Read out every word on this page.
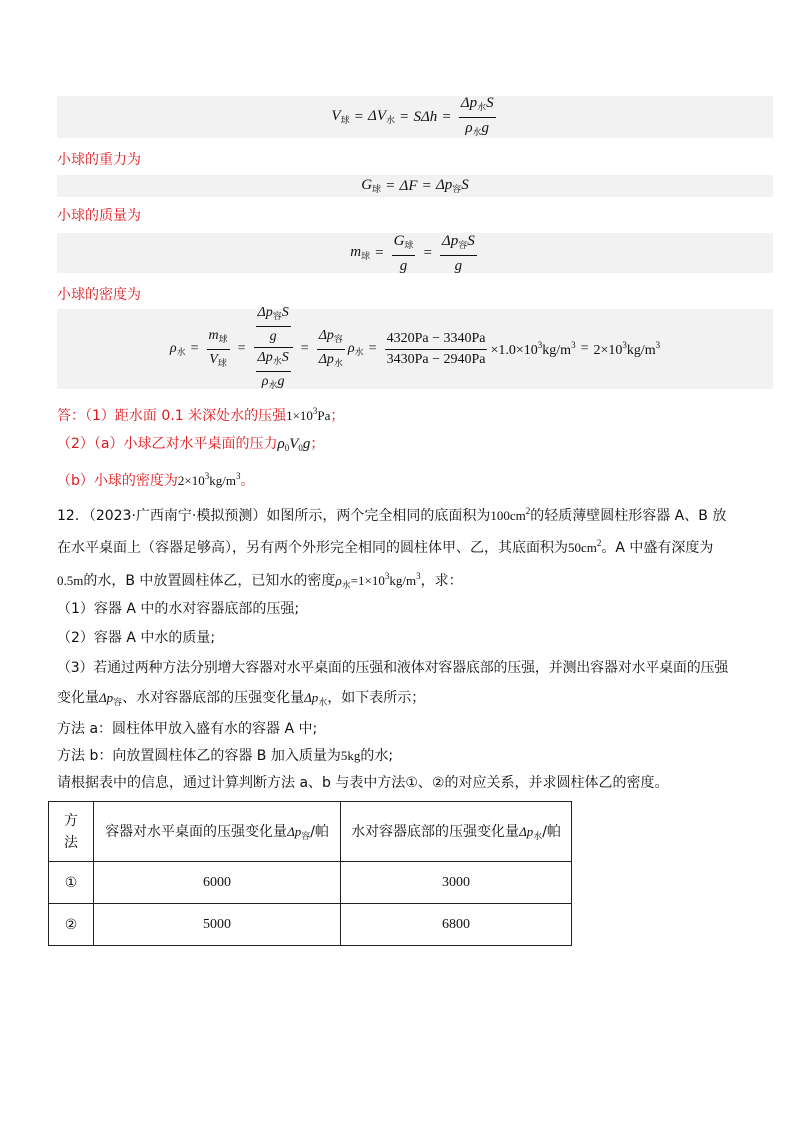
$V_球 = \Delta V_水 = S\Delta h = \frac{\Delta p_水S}{\rho_水g}$
小球的重力为
$G_球 = \Delta F = \Delta p_容S$
小球的质量为
$m_球 = \frac{G_球}{g} = \frac{\Delta p_容S}{g}$
小球的密度为
$\rho_水 = \frac{m_球}{V_球} = \frac{\frac{\Delta p_容S}{g}}{\frac{\Delta p_水S}{\rho_水g}} = \frac{\Delta p_容}{\Delta p_水} \rho_水 = \frac{4320Pa - 3340Pa}{3430Pa - 2940Pa} \times 1.0\times 10^3kg/m^3 = 2\times 10^3kg/m^3$
答：（1）距水面 0.1 米深处水的压强$1\times 10^3Pa$；
（2）（a）小球乙对水平桌面的压力$\rho_0V_0g$；
（b）小球的密度为$2\times 10^3kg/m^3$。
12．（2023·广西南宁·模拟预测）如图所示，两个完全相同的底面积为$100cm^2$的轻质薄壁圆柱形容器 A、B 放
在水平桌面上（容器足够高），另有两个外形完全相同的圆柱体甲、乙，其底面积为$50cm^2$。A 中盛有深度为
0.5m的水，B 中放置圆柱体乙，已知水的密度$\rho_水=1\times 10^3kg/m^3$，求：
（1）容器 A 中的水对容器底部的压强;
（2）容器 A 中水的质量;
（3）若通过两种方法分别增大容器对水平桌面的压强和液体对容器底部的压强，并测出容器对水平桌面的压强
变化量$\Delta p_容$、水对容器底部的压强变化量$\Delta p_水$，如下表所示；
方法 a：圆柱体甲放入盛有水的容器 A 中;
方法 b：向放置圆柱体乙的容器 B 加入质量为5kg的水;
请根据表中的信息，通过计算判断方法 a、b 与表中方法①、②的对应关系，并求圆柱体乙的密度。
方
法	容器对水平桌面的压强变化量$\Delta p_容/$帕	水对容器底部的压强变化量$\Delta p_水/$帕
①	6000	3000
②	5000	6800
